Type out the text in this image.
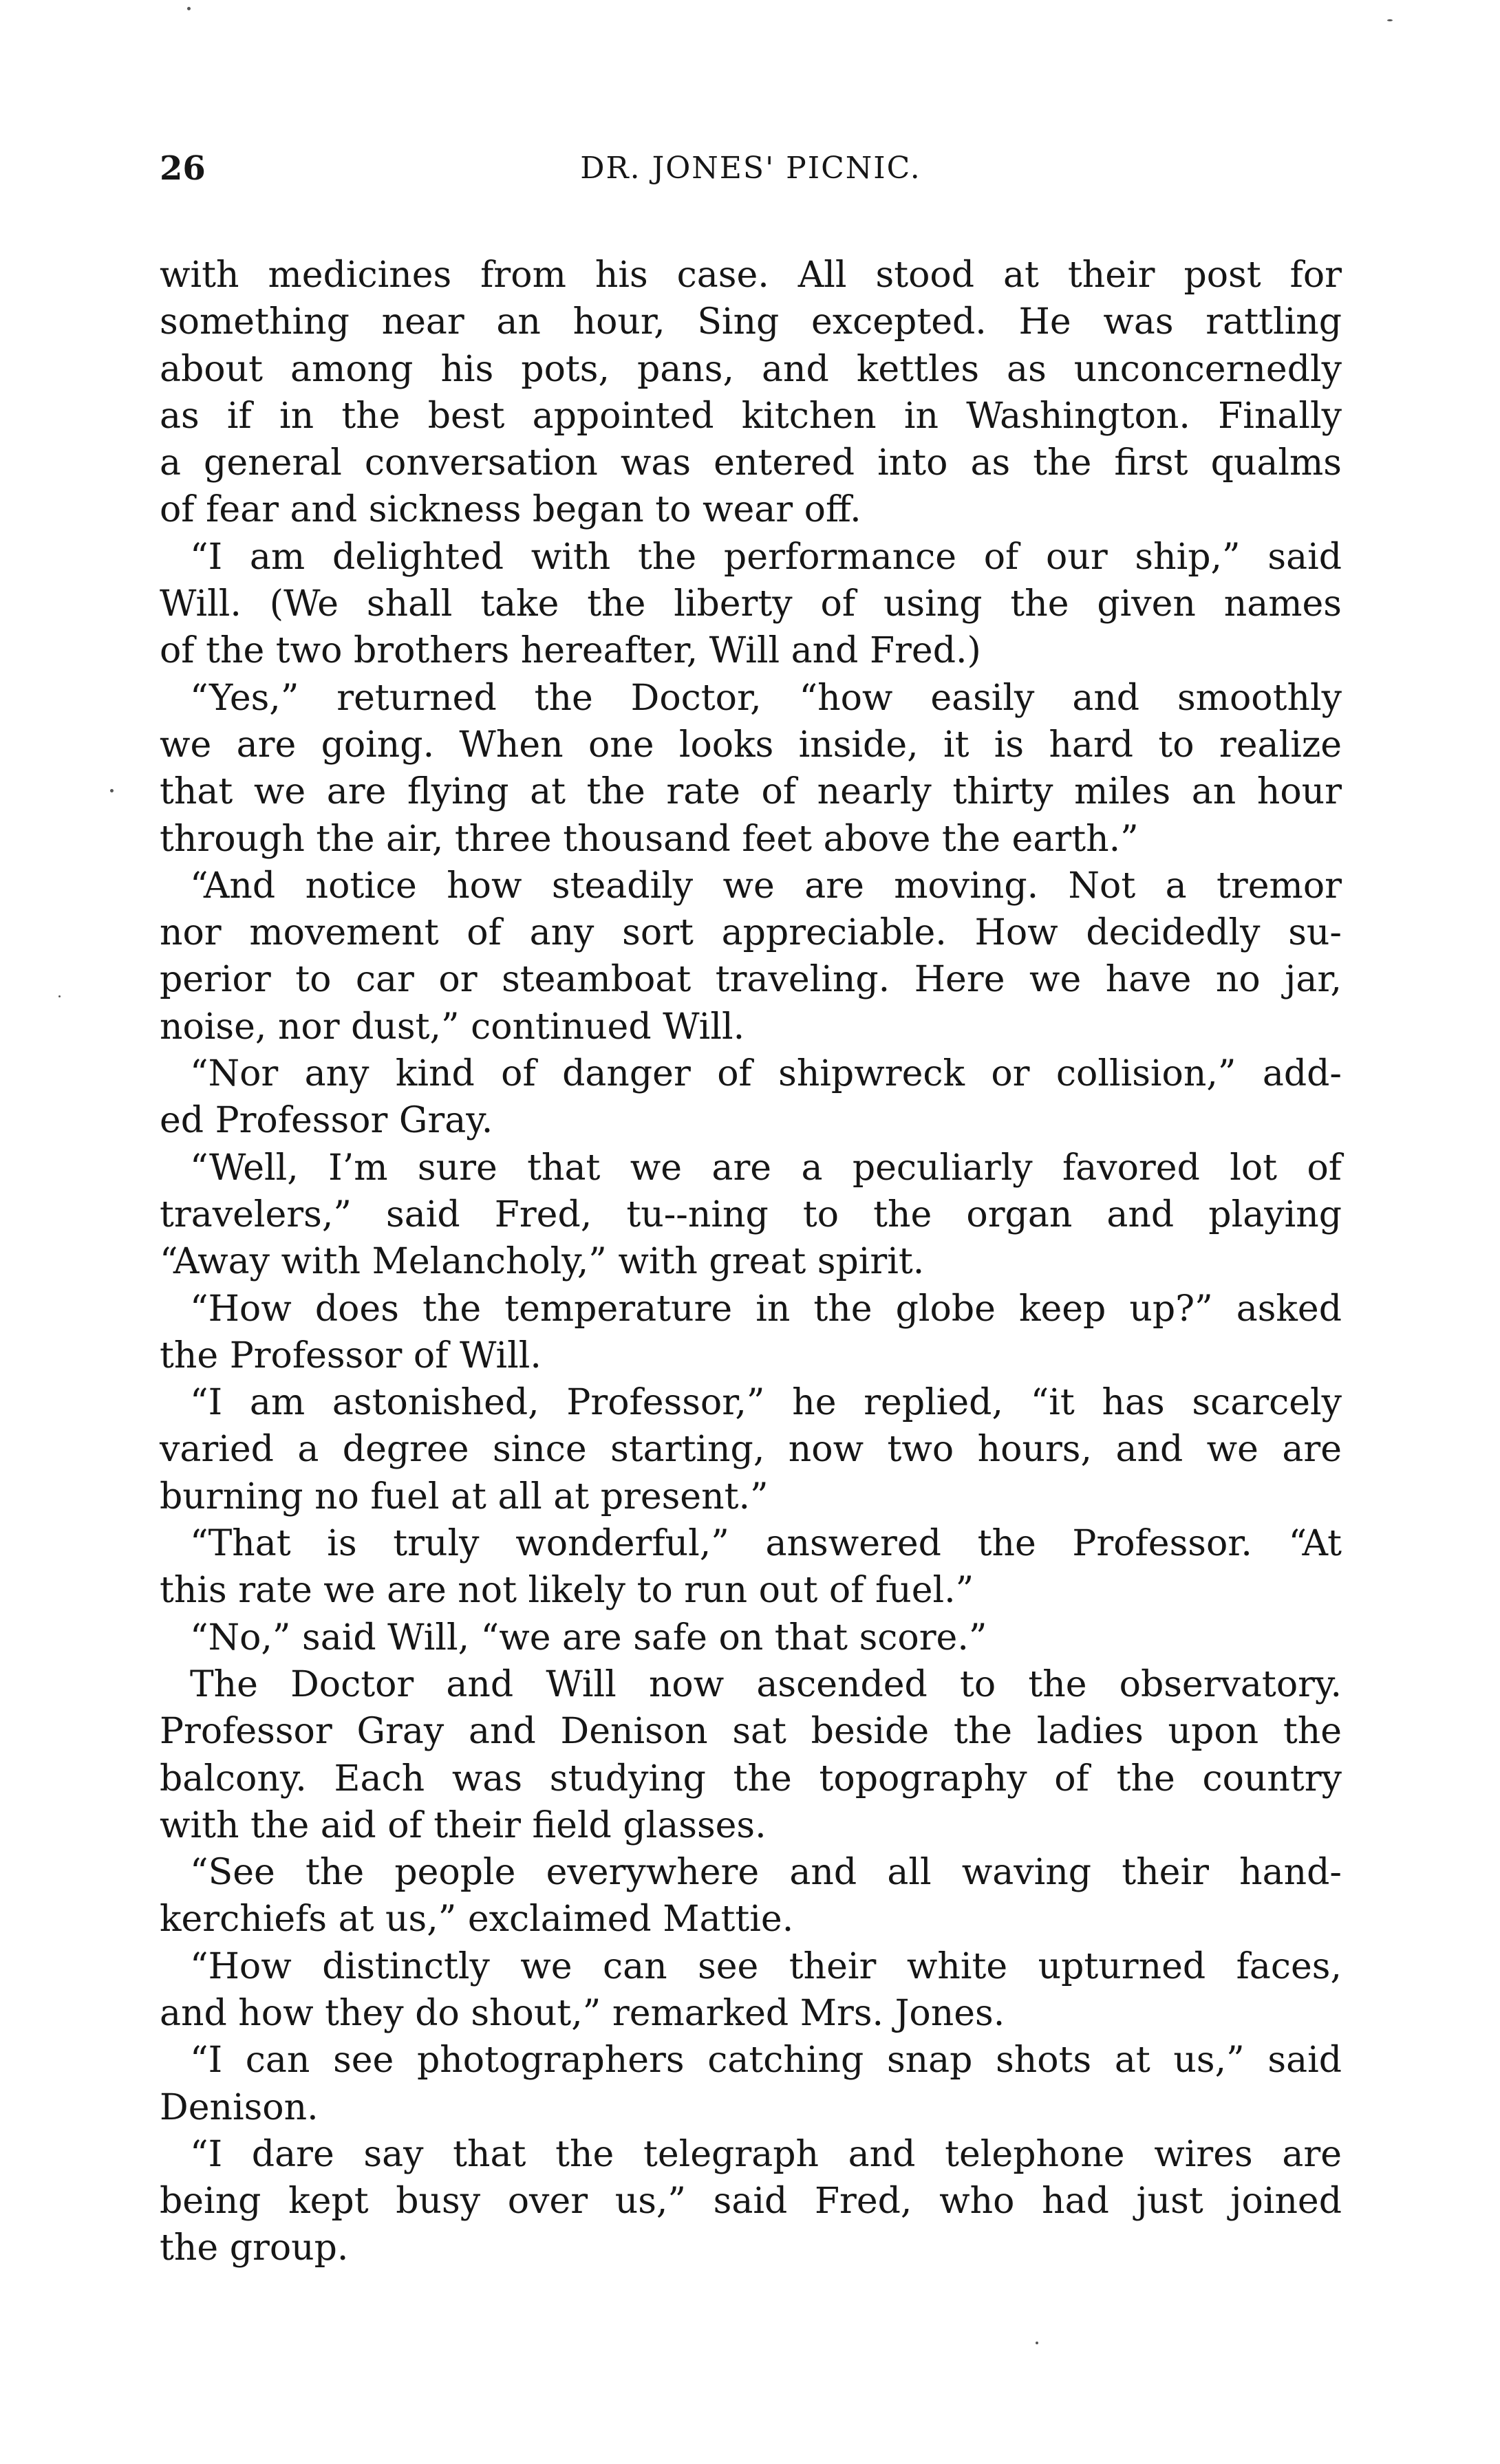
26	DR. JONES' PICNIC.
with medicines from his case. All stood at their post for
something near an hour, Sing excepted. He was rattling
about among his pots, pans, and kettles as unconcernedly
as if in the best appointed kitchen in Washington. Finally
a general conversation was entered into as the first qualms
of fear and sickness began to wear off.
“I am delighted with the performance of our ship,” said
Will. (We shall take the liberty of using the given names
of the two brothers hereafter, Will and Fred.)
“Yes,” returned the Doctor, “how easily and smoothly
we are going. When one looks inside, it is hard to realize
that we are flying at the rate of nearly thirty miles an hour
through the air, three thousand feet above the earth.”
“And notice how steadily we are moving. Not a tremor
nor movement of any sort appreciable. How decidedly su-
perior to car or steamboat traveling. Here we have no jar,
noise, nor dust,” continued Will.
“Nor any kind of danger of shipwreck or collision,” add-
ed Professor Gray.
“Well, I’m sure that we are a peculiarly favored lot of
travelers,” said Fred, tu--ning to the organ and playing
“Away with Melancholy,” with great spirit.
“How does the temperature in the globe keep up?” asked
the Professor of Will.
“I am astonished, Professor,” he replied, “it has scarcely
varied a degree since starting, now two hours, and we are
burning no fuel at all at present.”
“That is truly wonderful,” answered the Professor. “At
this rate we are not likely to run out of fuel.”
“No,” said Will, “we are safe on that score.”
The Doctor and Will now ascended to the observatory.
Professor Gray and Denison sat beside the ladies upon the
balcony. Each was studying the topography of the country
with the aid of their field glasses.
“See the people everywhere and all waving their hand-
kerchiefs at us,” exclaimed Mattie.
“How distinctly we can see their white upturned faces,
and how they do shout,” remarked Mrs. Jones.
“I can see photographers catching snap shots at us,” said
Denison.
“I dare say that the telegraph and telephone wires are
being kept busy over us,” said Fred, who had just joined
the group.
